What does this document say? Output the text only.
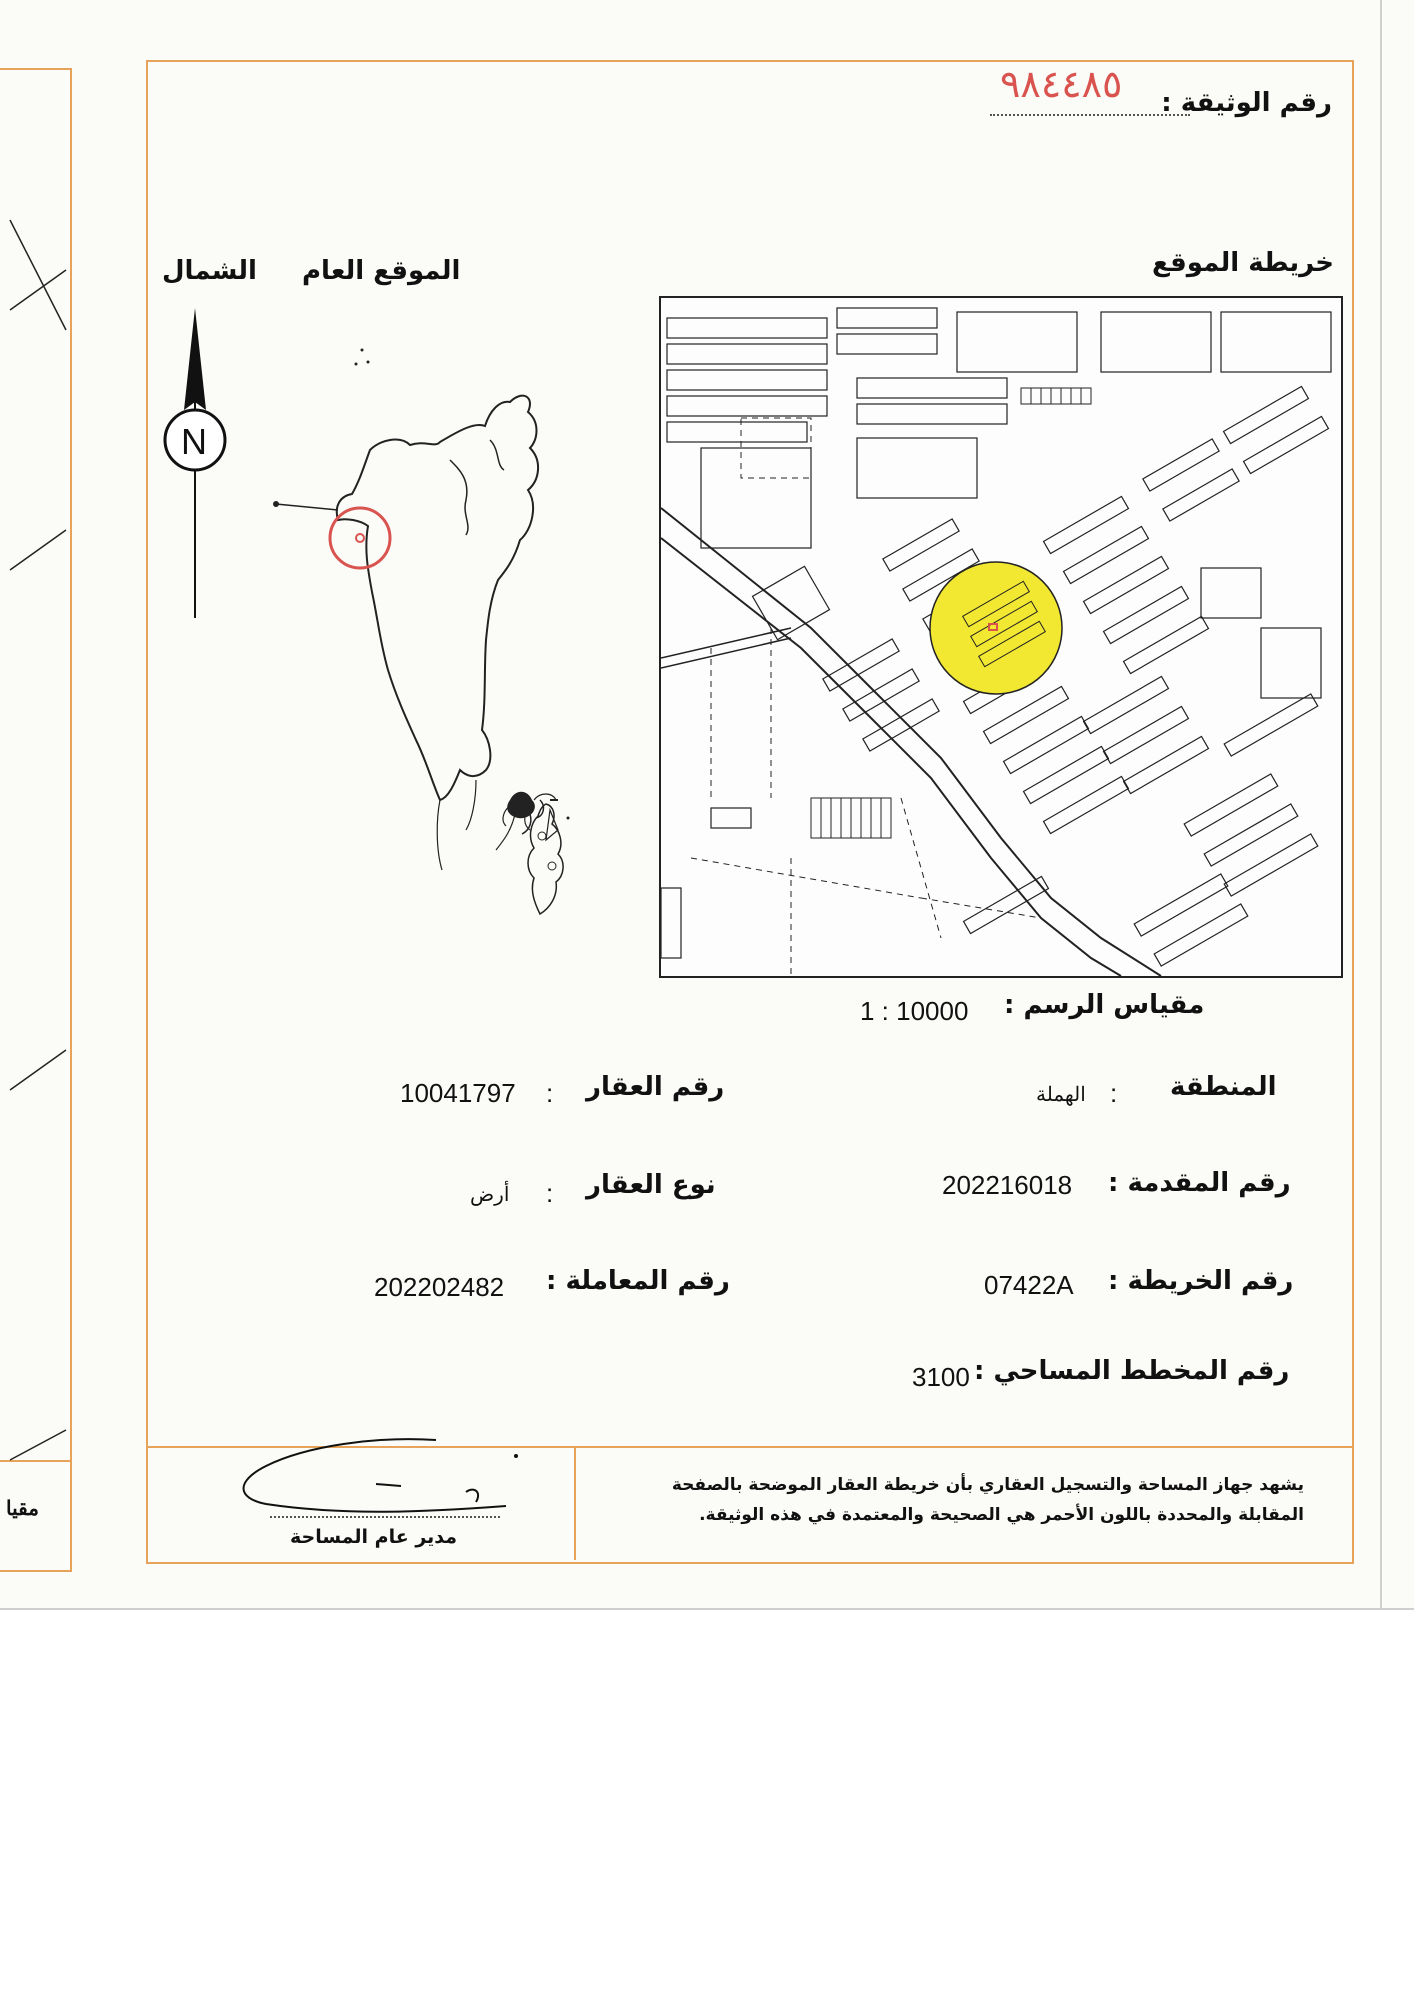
مقيا
رقم الوثيقة :
٩٨٤٤٨٥
خريطة الموقع
الموقع العام
الشمال
N
1 : 10000 مقياس الرسم :
10041797 : رقم العقار	الهملة : المنطقة
أرض : نوع العقار	202216018 رقم المقدمة :
202202482 رقم المعاملة :	07422A رقم الخريطة :
3100 رقم المخطط المساحي :
يشهد جهاز المساحة والتسجيل العقاري بأن خريطة العقار الموضحة بالصفحة
المقابلة والمحددة باللون الأحمر هي الصحيحة والمعتمدة في هذه الوثيقة.
مدير عام المساحة
